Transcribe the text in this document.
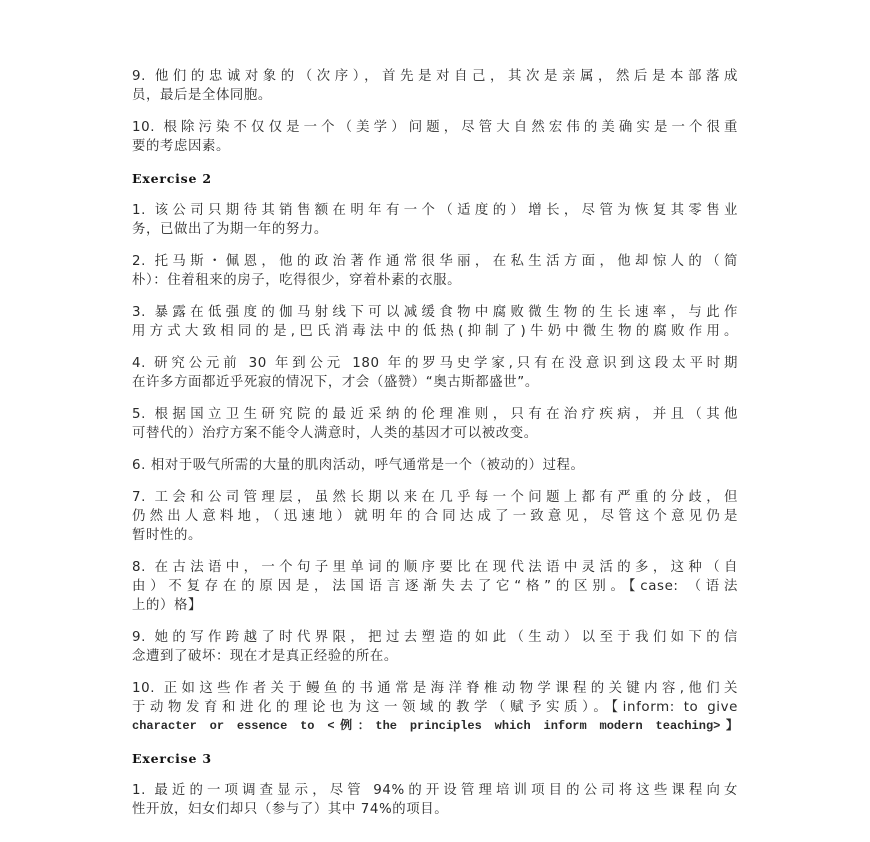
9. 他们的忠诚对象的（次序），首先是对自己，其次是亲属，然后是本部落成
员，最后是全体同胞。
10. 根除污染不仅仅是一个（美学）问题，尽管大自然宏伟的美确实是一个很重
要的考虑因素。
Exercise 2
1. 该公司只期待其销售额在明年有一个（适度的）增长，尽管为恢复其零售业
务，已做出了为期一年的努力。
2. 托马斯・佩恩，他的政治著作通常很华丽，在私生活方面，他却惊人的（简
朴）：住着租来的房子，吃得很少，穿着朴素的衣服。
3. 暴露在低强度的伽马射线下可以减缓食物中腐败微生物的生长速率，与此作
用方式大致相同的是,巴氏消毒法中的低热(抑制了)牛奶中微生物的腐败作用。
4. 研究公元前 30 年到公元 180 年的罗马史学家,只有在没意识到这段太平时期
在许多方面都近乎死寂的情况下，才会（盛赞）“奥古斯都盛世”。
5. 根据国立卫生研究院的最近采纳的伦理准则，只有在治疗疾病，并且（其他
可替代的）治疗方案不能令人满意时，人类的基因才可以被改变。
6. 相对于吸气所需的大量的肌肉活动，呼气通常是一个（被动的）过程。
7. 工会和公司管理层，虽然长期以来在几乎每一个问题上都有严重的分歧，但
仍然出人意料地，（迅速地）就明年的合同达成了一致意见，尽管这个意见仍是
暂时性的。
8. 在古法语中，一个句子里单词的顺序要比在现代法语中灵活的多，这种（自
由）不复存在的原因是，法国语言逐渐失去了它“格”的区别。【case: （语法
上的）格】
9. 她的写作跨越了时代界限，把过去塑造的如此（生动）以至于我们如下的信
念遭到了破坏：现在才是真正经验的所在。
10. 正如这些作者关于鳗鱼的书通常是海洋脊椎动物学课程的关键内容,他们关
于动物发育和进化的理论也为这一领域的教学（赋予实质）。【inform: to give
character or essence to <例：the principles which inform modern teaching>】
Exercise 3
1. 最近的一项调查显示，尽管 94%的开设管理培训项目的公司将这些课程向女
性开放，妇女们却只（参与了）其中 74%的项目。
